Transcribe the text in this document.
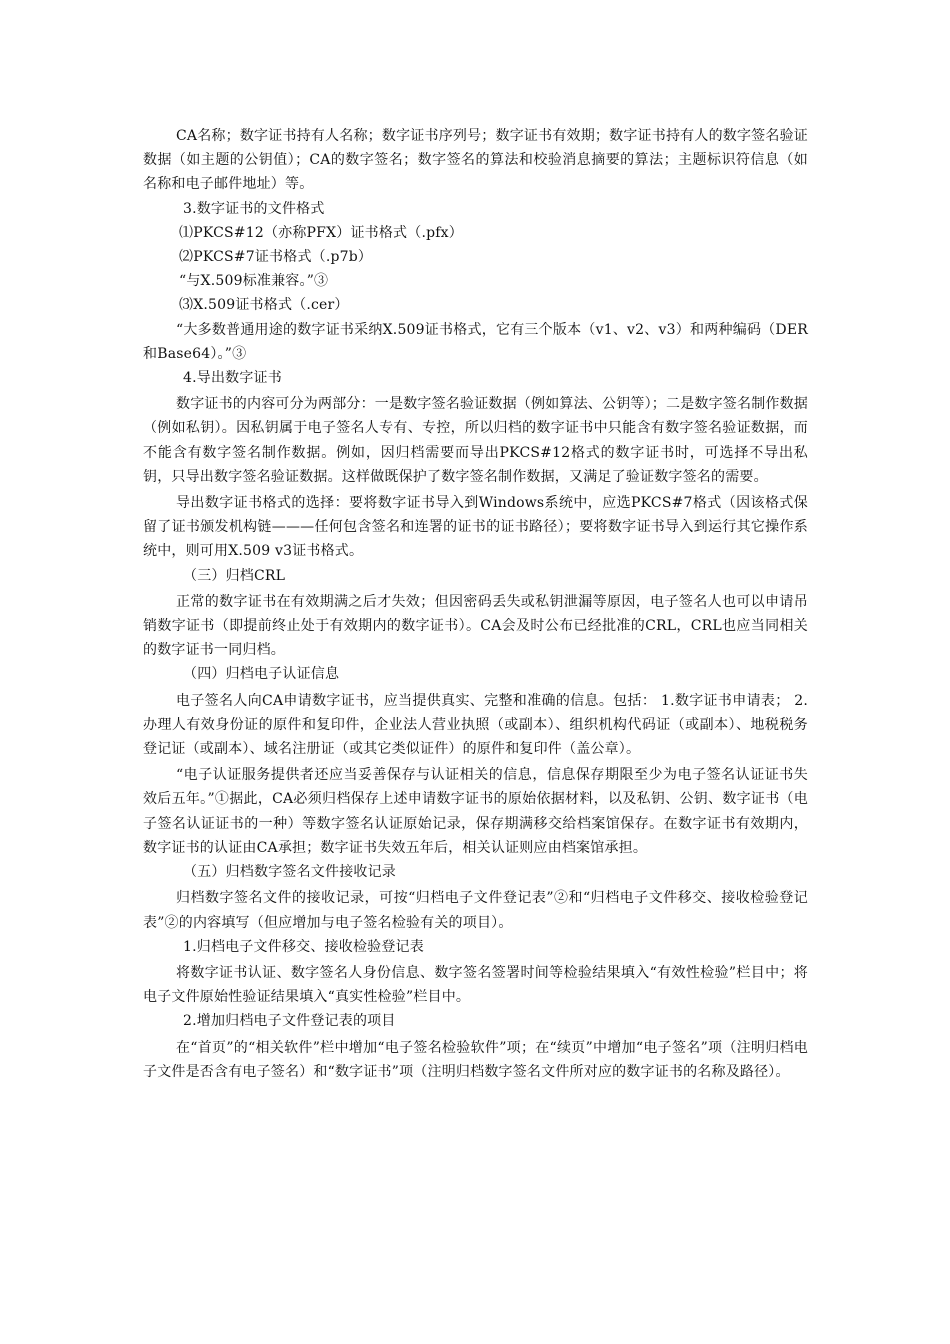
CA名称；数字证书持有人名称；数字证书序列号；数字证书有效期；数字证书持有人的数字签名验证数据（如主题的公钥值）；CA的数字签名；数字签名的算法和校验消息摘要的算法；主题标识符信息（如名称和电子邮件地址）等。

3.数字证书的文件格式

⑴PKCS#12（亦称PFX）证书格式（.pfx）

⑵PKCS#7证书格式（.p7b）

“与X.509标准兼容。”③

⑶X.509证书格式（.cer）

“大多数普通用途的数字证书采纳X.509证书格式，它有三个版本（v1、v2、v3）和两种编码（DER和Base64）。”③

4.导出数字证书

数字证书的内容可分为两部分：一是数字签名验证数据（例如算法、公钥等）；二是数字签名制作数据（例如私钥）。因私钥属于电子签名人专有、专控，所以归档的数字证书中只能含有数字签名验证数据，而不能含有数字签名制作数据。例如，因归档需要而导出PKCS#12格式的数字证书时，可选择不导出私钥，只导出数字签名验证数据。这样做既保护了数字签名制作数据，又满足了验证数字签名的需要。

导出数字证书格式的选择：要将数字证书导入到Windows系统中，应选PKCS#7格式（因该格式保留了证书颁发机构链———任何包含签名和连署的证书的证书路径）；要将数字证书导入到运行其它操作系统中，则可用X.509 v3证书格式。

（三）归档CRL

正常的数字证书在有效期满之后才失效；但因密码丢失或私钥泄漏等原因，电子签名人也可以申请吊销数字证书（即提前终止处于有效期内的数字证书）。CA会及时公布已经批准的CRL，CRL也应当同相关的数字证书一同归档。

（四）归档电子认证信息

电子签名人向CA申请数字证书，应当提供真实、完整和准确的信息。包括： 1.数字证书申请表； 2.办理人有效身份证的原件和复印件，企业法人营业执照（或副本）、组织机构代码证（或副本）、地税税务登记证（或副本）、域名注册证（或其它类似证件）的原件和复印件（盖公章）。

“电子认证服务提供者还应当妥善保存与认证相关的信息，信息保存期限至少为电子签名认证证书失效后五年。”①据此，CA必须归档保存上述申请数字证书的原始依据材料，以及私钥、公钥、数字证书（电子签名认证证书的一种）等数字签名认证原始记录，保存期满移交给档案馆保存。在数字证书有效期内，数字证书的认证由CA承担；数字证书失效五年后，相关认证则应由档案馆承担。

（五）归档数字签名文件接收记录

归档数字签名文件的接收记录，可按“归档电子文件登记表”②和“归档电子文件移交、接收检验登记表”②的内容填写（但应增加与电子签名检验有关的项目）。

1.归档电子文件移交、接收检验登记表

将数字证书认证、数字签名人身份信息、数字签名签署时间等检验结果填入“有效性检验”栏目中；将电子文件原始性验证结果填入“真实性检验”栏目中。

2.增加归档电子文件登记表的项目

在“首页”的“相关软件”栏中增加“电子签名检验软件”项；在“续页”中增加“电子签名”项（注明归档电子文件是否含有电子签名）和“数字证书”项（注明归档数字签名文件所对应的数字证书的名称及路径）。
